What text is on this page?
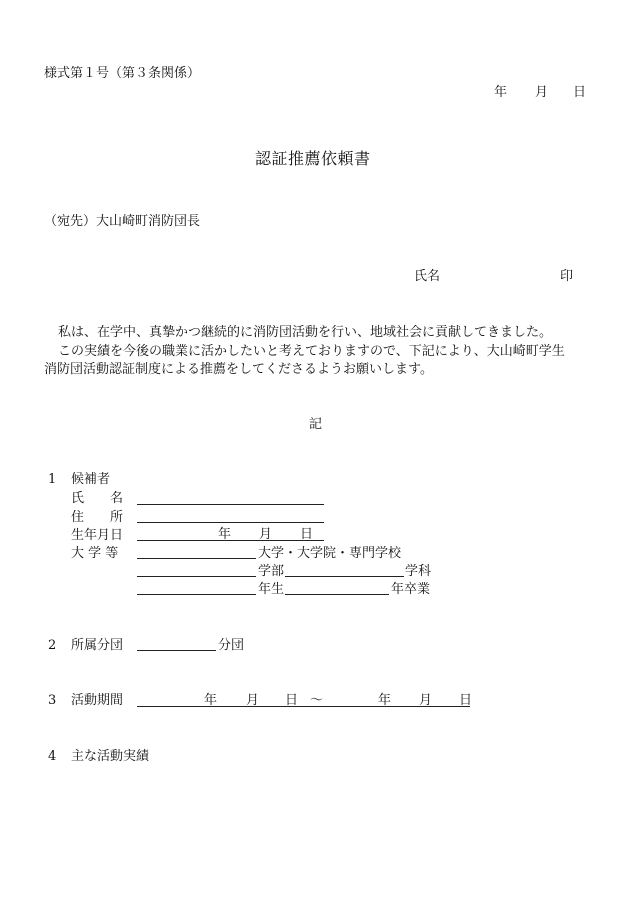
様式第１号（第３条関係）
年 月 日
認証推薦依頼書
（宛先）大山崎町消防団長
氏名	印
私は、在学中、真摯かつ継続的に消防団活動を行い、地域社会に貢献してきました。
この実績を今後の職業に活かしたいと考えておりますので、下記により、大山崎町学生
消防団活動認証制度による推薦をしてくださるようお願いします。
記
1 候補者
氏　　名
住　　所
生年月日	年 月 日
大 学 等	大学・大学院・専門学校
学部	学科
年生	年卒業
2 所属分団	分団
3 活動期間	年 月 日 ～	年 月 日
4 主な活動実績
